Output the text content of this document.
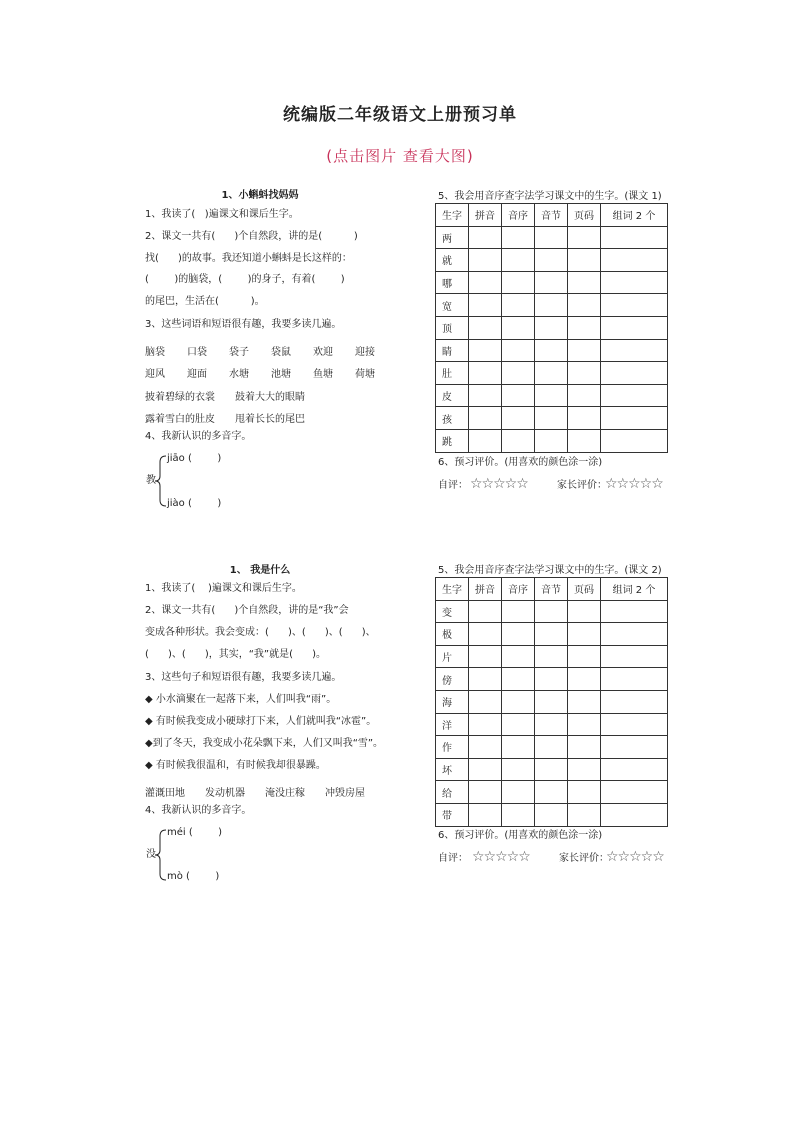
统编版二年级语文上册预习单
(点击图片 查看大图)
1、小蝌蚪找妈妈
1、我读了(   )遍课文和课后生字。
2、课文一共有(      )个自然段，讲的是(          )
找(      )的故事。我还知道小蝌蚪是长这样的：
(        )的脑袋，(        )的身子，有着(        )
的尾巴，生活在(          )。
3、这些词语和短语很有趣，我要多读几遍。
脑袋 口袋 袋子 袋鼠 欢迎 迎接
迎风 迎面 水塘 池塘 鱼塘 荷塘
披着碧绿的衣裳 鼓着大大的眼睛
露着雪白的肚皮 甩着长长的尾巴
4、我新认识的多音字。
教
jiāo (        )
jiào (        )
1、 我是什么
1、我读了(    )遍课文和课后生字。
2、课文一共有(      )个自然段，讲的是“我”会
变成各种形状。我会变成：(      )、(      )、(      )、
(      )、(      )，其实，“我”就是(      )。
3、这些句子和短语很有趣，我要多读几遍。
◆ 小水滴聚在一起落下来，人们叫我“雨”。
◆ 有时候我变成小硬球打下来，人们就叫我“冰雹”。
◆到了冬天，我变成小花朵飘下来，人们又叫我“雪”。
◆ 有时候我很温和，有时候我却很暴躁。
灌溉田地 发动机器 淹没庄稼 冲毁房屋
4、我新认识的多音字。
没
méi (        )
mò (        )
5、我会用音序查字法学习课文中的生字。(课文 1)
生字	拼音	音序	音节	页码	组词 2 个
两					
就					
哪					
宽					
顶					
睛					
肚					
皮					
孩					
跳					
6、预习评价。(用喜欢的颜色涂一涂)
自评： ☆☆☆☆☆	家长评价：
☆☆☆☆☆
5、我会用音序查字法学习课文中的生字。(课文 2)
生字	拼音	音序	音节	页码	组词 2 个
变					
极					
片					
傍					
海					
洋					
作					
坏					
给					
带					
6、预习评价。(用喜欢的颜色涂一涂)
自评： ☆☆☆☆☆	家长评价：
☆☆☆☆☆
